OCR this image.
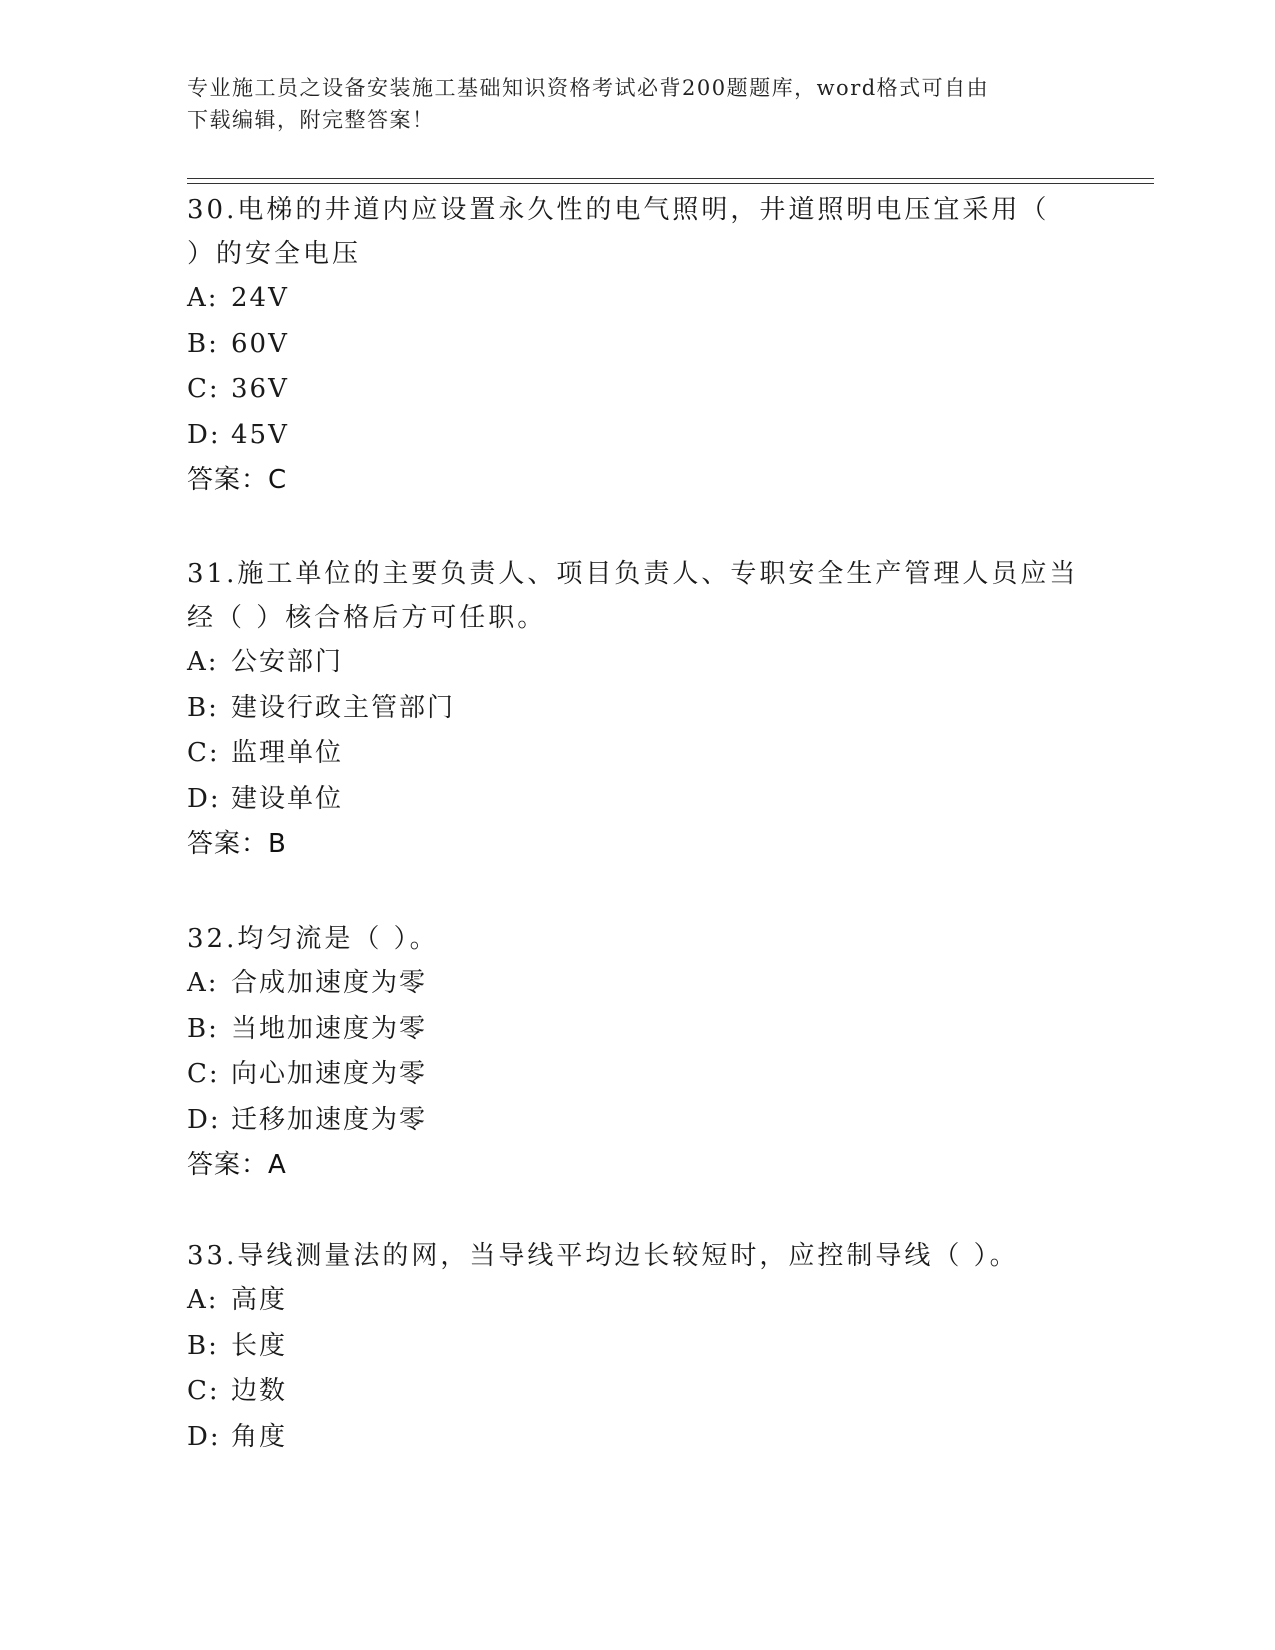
专业施工员之设备安装施工基础知识资格考试必背200题题库，word格式可自由
下载编辑，附完整答案！
30.电梯的井道内应设置永久性的电气照明，井道照明电压宜采用（
）的安全电压
A: 24V
B: 60V
C: 36V
D: 45V
答案：C
31.施工单位的主要负责人、项目负责人、专职安全生产管理人员应当
经（ ）核合格后方可任职。
A: 公安部门
B: 建设行政主管部门
C: 监理单位
D: 建设单位
答案：B
32.均匀流是（ ）。
A: 合成加速度为零
B: 当地加速度为零
C: 向心加速度为零
D: 迁移加速度为零
答案：A
33.导线测量法的网，当导线平均边长较短时，应控制导线（ ）。
A: 高度
B: 长度
C: 边数
D: 角度
